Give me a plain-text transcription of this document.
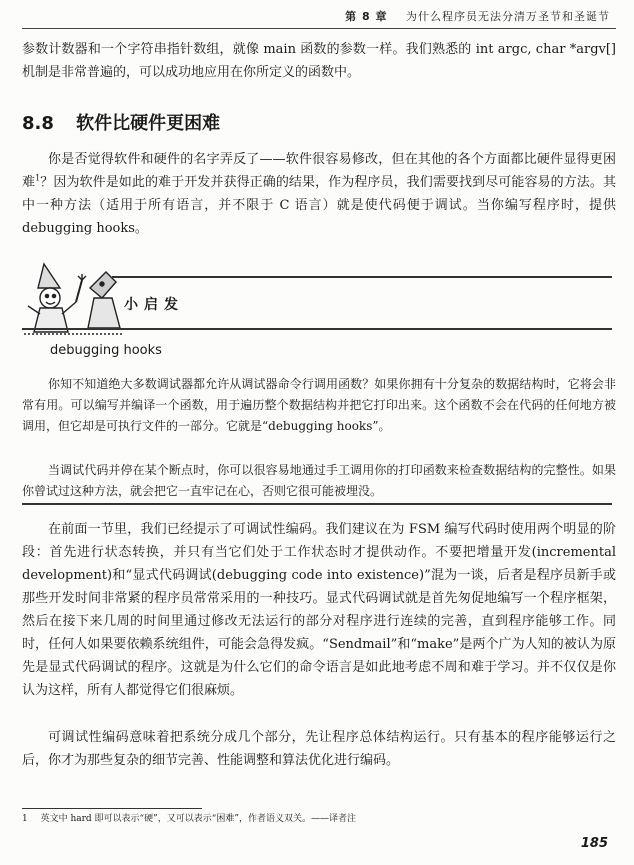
第 8 章 为什么程序员无法分清万圣节和圣诞节
参数计数器和一个字符串指针数组，就像 main 函数的参数一样。我们熟悉的 int argc, char *argv[]机制是非常普遍的，可以成功地应用在你所定义的函数中。
8.8 软件比硬件更困难
你是否觉得软件和硬件的名字弄反了——软件很容易修改，但在其他的各个方面都比硬件显得更困难$^1$？因为软件是如此的难于开发并获得正确的结果，作为程序员，我们需要找到尽可能容易的方法。其中一种方法（适用于所有语言，并不限于 C 语言）就是使代码便于调试。当你编写程序时，提供 debugging hooks。
小启发
debugging hooks
你知不知道绝大多数调试器都允许从调试器命令行调用函数？如果你拥有十分复杂的数据结构时，它将会非常有用。可以编写并编译一个函数，用于遍历整个数据结构并把它打印出来。这个函数不会在代码的任何地方被调用，但它却是可执行文件的一部分。它就是“debugging hooks”。
当调试代码并停在某个断点时，你可以很容易地通过手工调用你的打印函数来检查数据结构的完整性。如果你曾试过这种方法，就会把它一直牢记在心，否则它很可能被埋没。
在前面一节里，我们已经提示了可调试性编码。我们建议在为 FSM 编写代码时使用两个明显的阶段：首先进行状态转换，并只有当它们处于工作状态时才提供动作。不要把增量开发(incremental development)和“显式代码调试(debugging code into existence)”混为一谈，后者是程序员新手或那些开发时间非常紧的程序员常常采用的一种技巧。显式代码调试就是首先匆促地编写一个程序框架，然后在接下来几周的时间里通过修改无法运行的部分对程序进行连续的完善，直到程序能够工作。同时，任何人如果要依赖系统组件，可能会急得发疯。“Sendmail”和“make”是两个广为人知的被认为原先是显式代码调试的程序。这就是为什么它们的命令语言是如此地考虑不周和难于学习。并不仅仅是你认为这样，所有人都觉得它们很麻烦。
可调试性编码意味着把系统分成几个部分，先让程序总体结构运行。只有基本的程序能够运行之后，你才为那些复杂的细节完善、性能调整和算法优化进行编码。
1 英文中 hard 即可以表示“硬”，又可以表示“困难”，作者语义双关。——译者注
185
